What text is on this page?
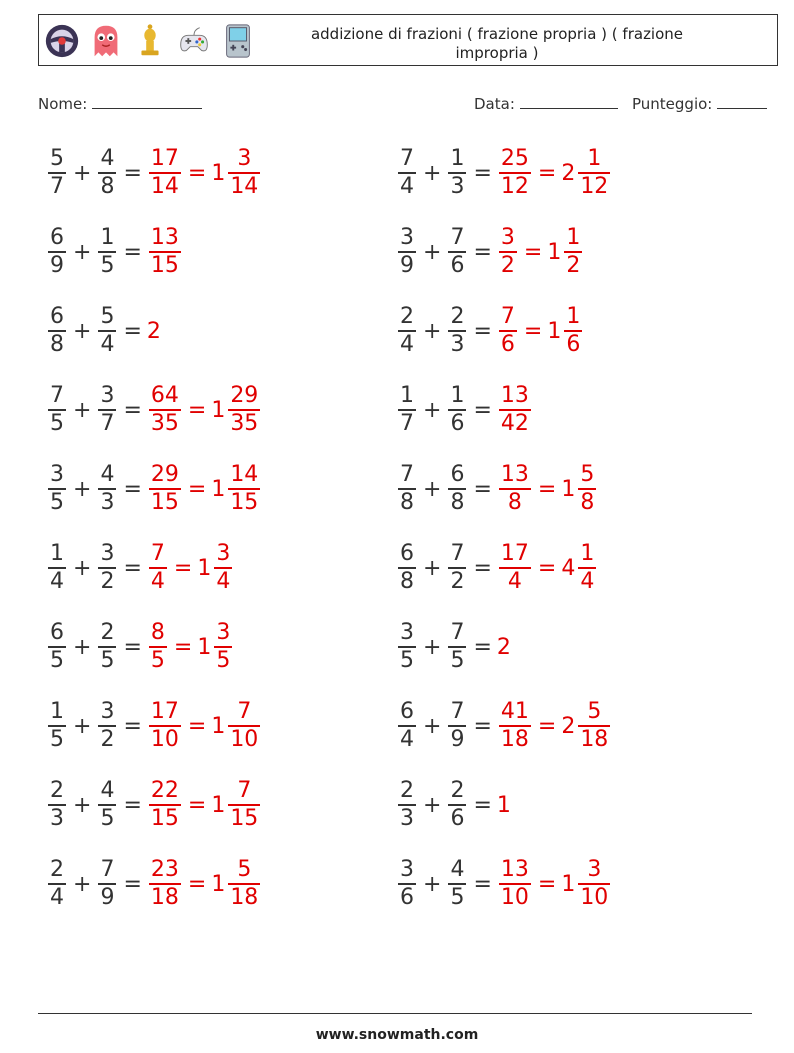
addizione di frazioni ( frazione propria ) ( frazione impropria )
Nome:	Data:	Punteggio:
$\frac{5}{7} + \frac{4}{8} = \frac{17}{14} = 1 \frac{3}{14}$	$\frac{7}{4} + \frac{1}{3} = \frac{25}{12} = 2 \frac{1}{12}$
$\frac{6}{9} + \frac{1}{5} = \frac{13}{15}$	$\frac{3}{9} + \frac{7}{6} = \frac{3}{2} = 1 \frac{1}{2}$
$\frac{6}{8} + \frac{5}{4} = 2$	$\frac{2}{4} + \frac{2}{3} = \frac{7}{6} = 1 \frac{1}{6}$
$\frac{7}{5} + \frac{3}{7} = \frac{64}{35} = 1 \frac{29}{35}$	$\frac{1}{7} + \frac{1}{6} = \frac{13}{42}$
$\frac{3}{5} + \frac{4}{3} = \frac{29}{15} = 1 \frac{14}{15}$	$\frac{7}{8} + \frac{6}{8} = \frac{13}{8} = 1 \frac{5}{8}$
$\frac{1}{4} + \frac{3}{2} = \frac{7}{4} = 1 \frac{3}{4}$	$\frac{6}{8} + \frac{7}{2} = \frac{17}{4} = 4 \frac{1}{4}$
$\frac{6}{5} + \frac{2}{5} = \frac{8}{5} = 1 \frac{3}{5}$	$\frac{3}{5} + \frac{7}{5} = 2$
$\frac{1}{5} + \frac{3}{2} = \frac{17}{10} = 1 \frac{7}{10}$	$\frac{6}{4} + \frac{7}{9} = \frac{41}{18} = 2 \frac{5}{18}$
$\frac{2}{3} + \frac{4}{5} = \frac{22}{15} = 1 \frac{7}{15}$	$\frac{2}{3} + \frac{2}{6} = 1$
$\frac{2}{4} + \frac{7}{9} = \frac{23}{18} = 1 \frac{5}{18}$	$\frac{3}{6} + \frac{4}{5} = \frac{13}{10} = 1 \frac{3}{10}$
www.snowmath.com
